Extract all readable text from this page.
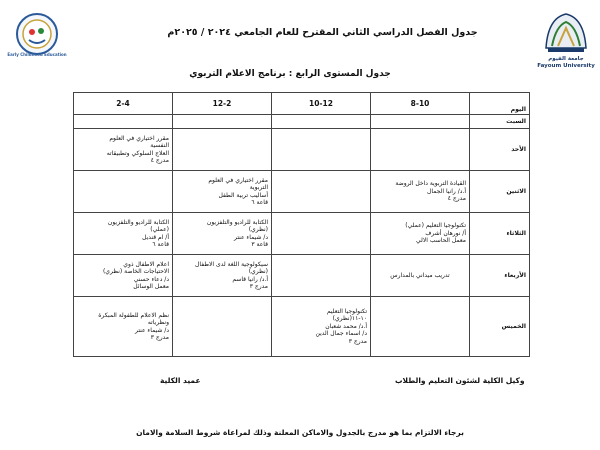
Early Childhood Education
جامعة الفيوم
Fayoum University
جدول الفصل الدراسي الثاني المقترح للعام الجامعي ٢٠٢٤ / ٢٠٢٥م
جدول المستوى الرابع : برنامج الاعلام التربوي
اليوم	8-10	10-12	12-2	2-4
السبت				
الأحد				مقرر اختياري في العلوم
النفسية
العلاج السلوكي وتطبيقاته
مدرج ٤

الاثنين	القيادة التربوية داخل الروضة
أ.د/ رانيا الجمال
مدرج ٤		مقرر اختياري في العلوم
التربوية
أساليب تربية الطفل
قاعة ٦	

الثلاثاء	تكنولوجيا التعليم (عملي)
أ/ نورهان أشرف
معمل الحاسب الالي		الكتابة للراديو والتلفزيون
(نظري)
د/ شيماء عنتر
قاعة ٣	الكتابة للراديو والتلفزيون
(عملي)
أ/ ام قنديل
قاعة ٦

الأربعاء	تدريب ميداني بالمدارس		سيكولوجية اللغة لدى الاطفال
(نظري)
أ.د/ رانيا قاسم
مدرج ٣	اعلام الاطفال ذوي
الاحتياجات الخاصة (نظري)
د/ دعاء حسني
معمل الوسائل

الخميس		تكنولوجيا التعليم
١٠-١١(نظري)
أ.د/ محمد شعبان
د/ اسماء جمال الدين
مدرج ٣		نظم الاعلام للطفولة المبكرة
ونظرياته
د/ شيماء عنتر
مدرج ٣
وكيل الكلية لشئون التعليم والطلاب
عميد الكلية
برجاء الالتزام بما هو مدرج بالجدول والاماكن المعلنة وذلك لمراعاة شروط السلامة والامان
